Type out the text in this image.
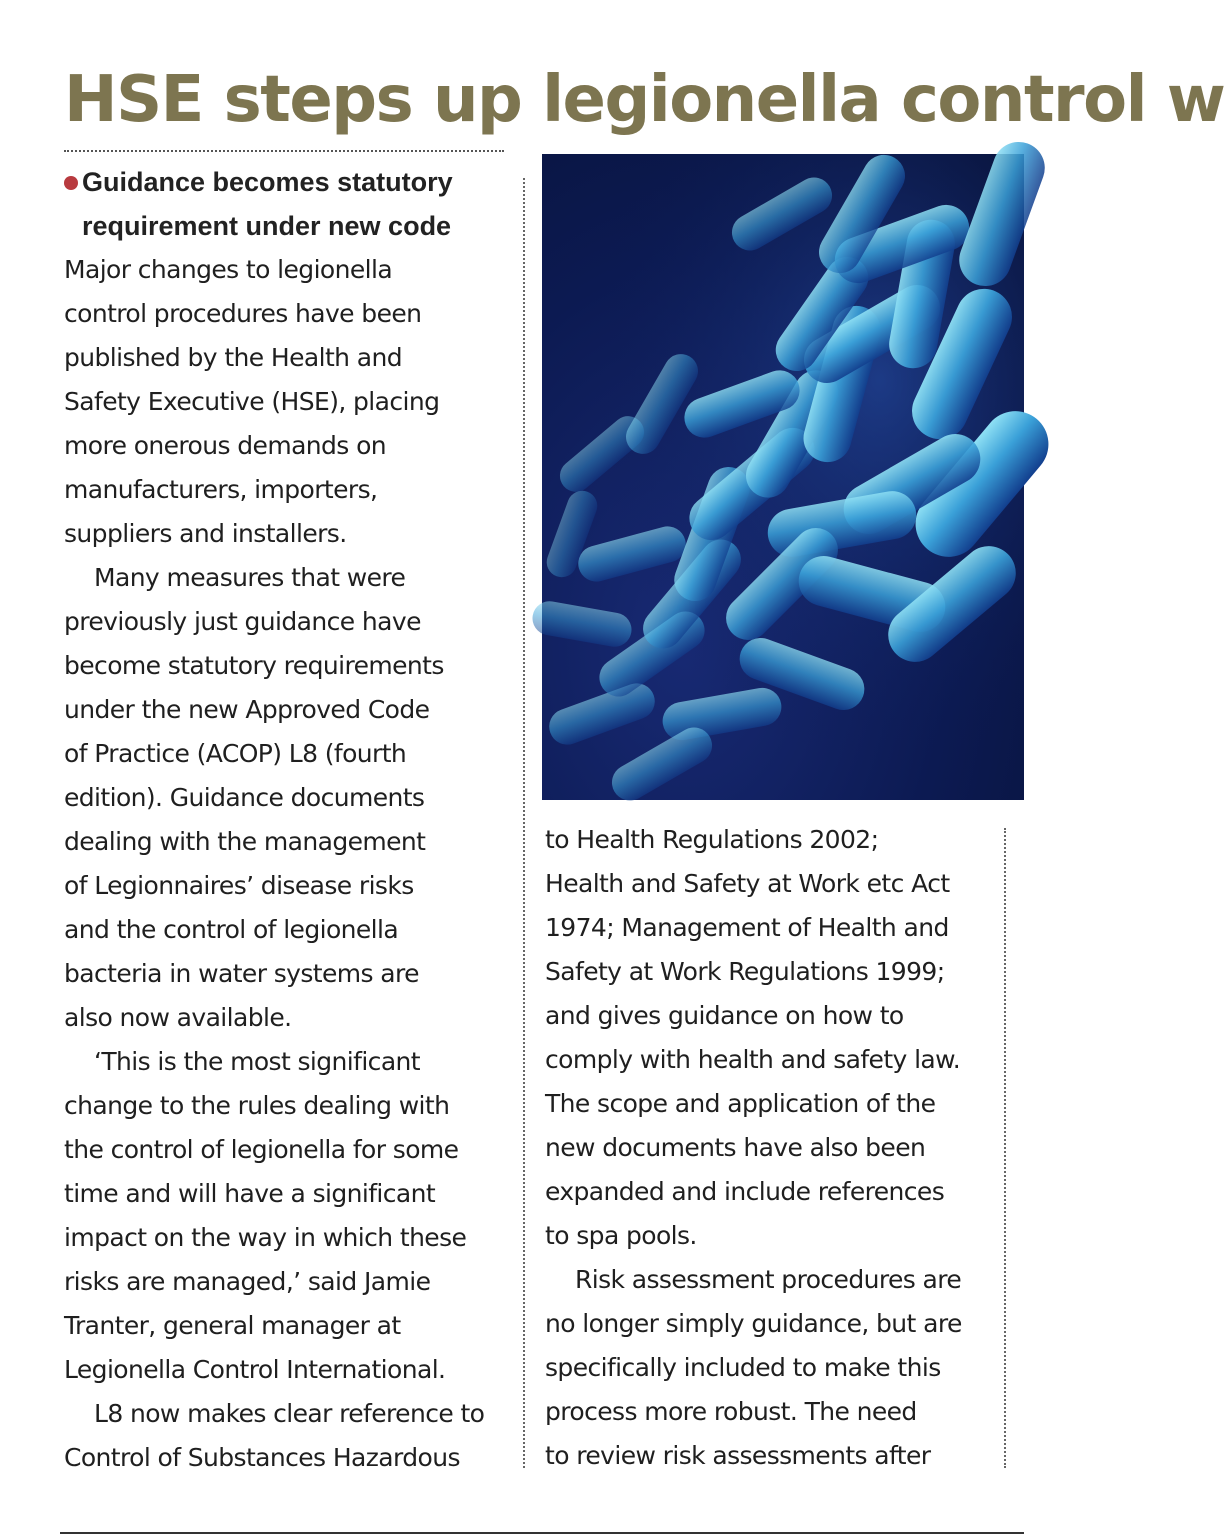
HSE steps up legionella control w

Guidance becomes statutory
requirement under new code

Major changes to legionella
control procedures have been
published by the Health and
Safety Executive (HSE), placing
more onerous demands on
manufacturers, importers,
suppliers and installers.
Many measures that were
previously just guidance have
become statutory requirements
under the new Approved Code
of Practice (ACOP) L8 (fourth
edition). Guidance documents
dealing with the management
of Legionnaires’ disease risks
and the control of legionella
bacteria in water systems are
also now available.
‘This is the most significant
change to the rules dealing with
the control of legionella for some
time and will have a significant
impact on the way in which these
risks are managed,’ said Jamie
Tranter, general manager at
Legionella Control International.
L8 now makes clear reference to
Control of Substances Hazardous
to Health Regulations 2002;
Health and Safety at Work etc Act
1974; Management of Health and
Safety at Work Regulations 1999;
and gives guidance on how to
comply with health and safety law.
The scope and application of the
new documents have also been
expanded and include references
to spa pools.
Risk assessment procedures are
no longer simply guidance, but are
specifically included to make this
process more robust. The need
to review risk assessments after
